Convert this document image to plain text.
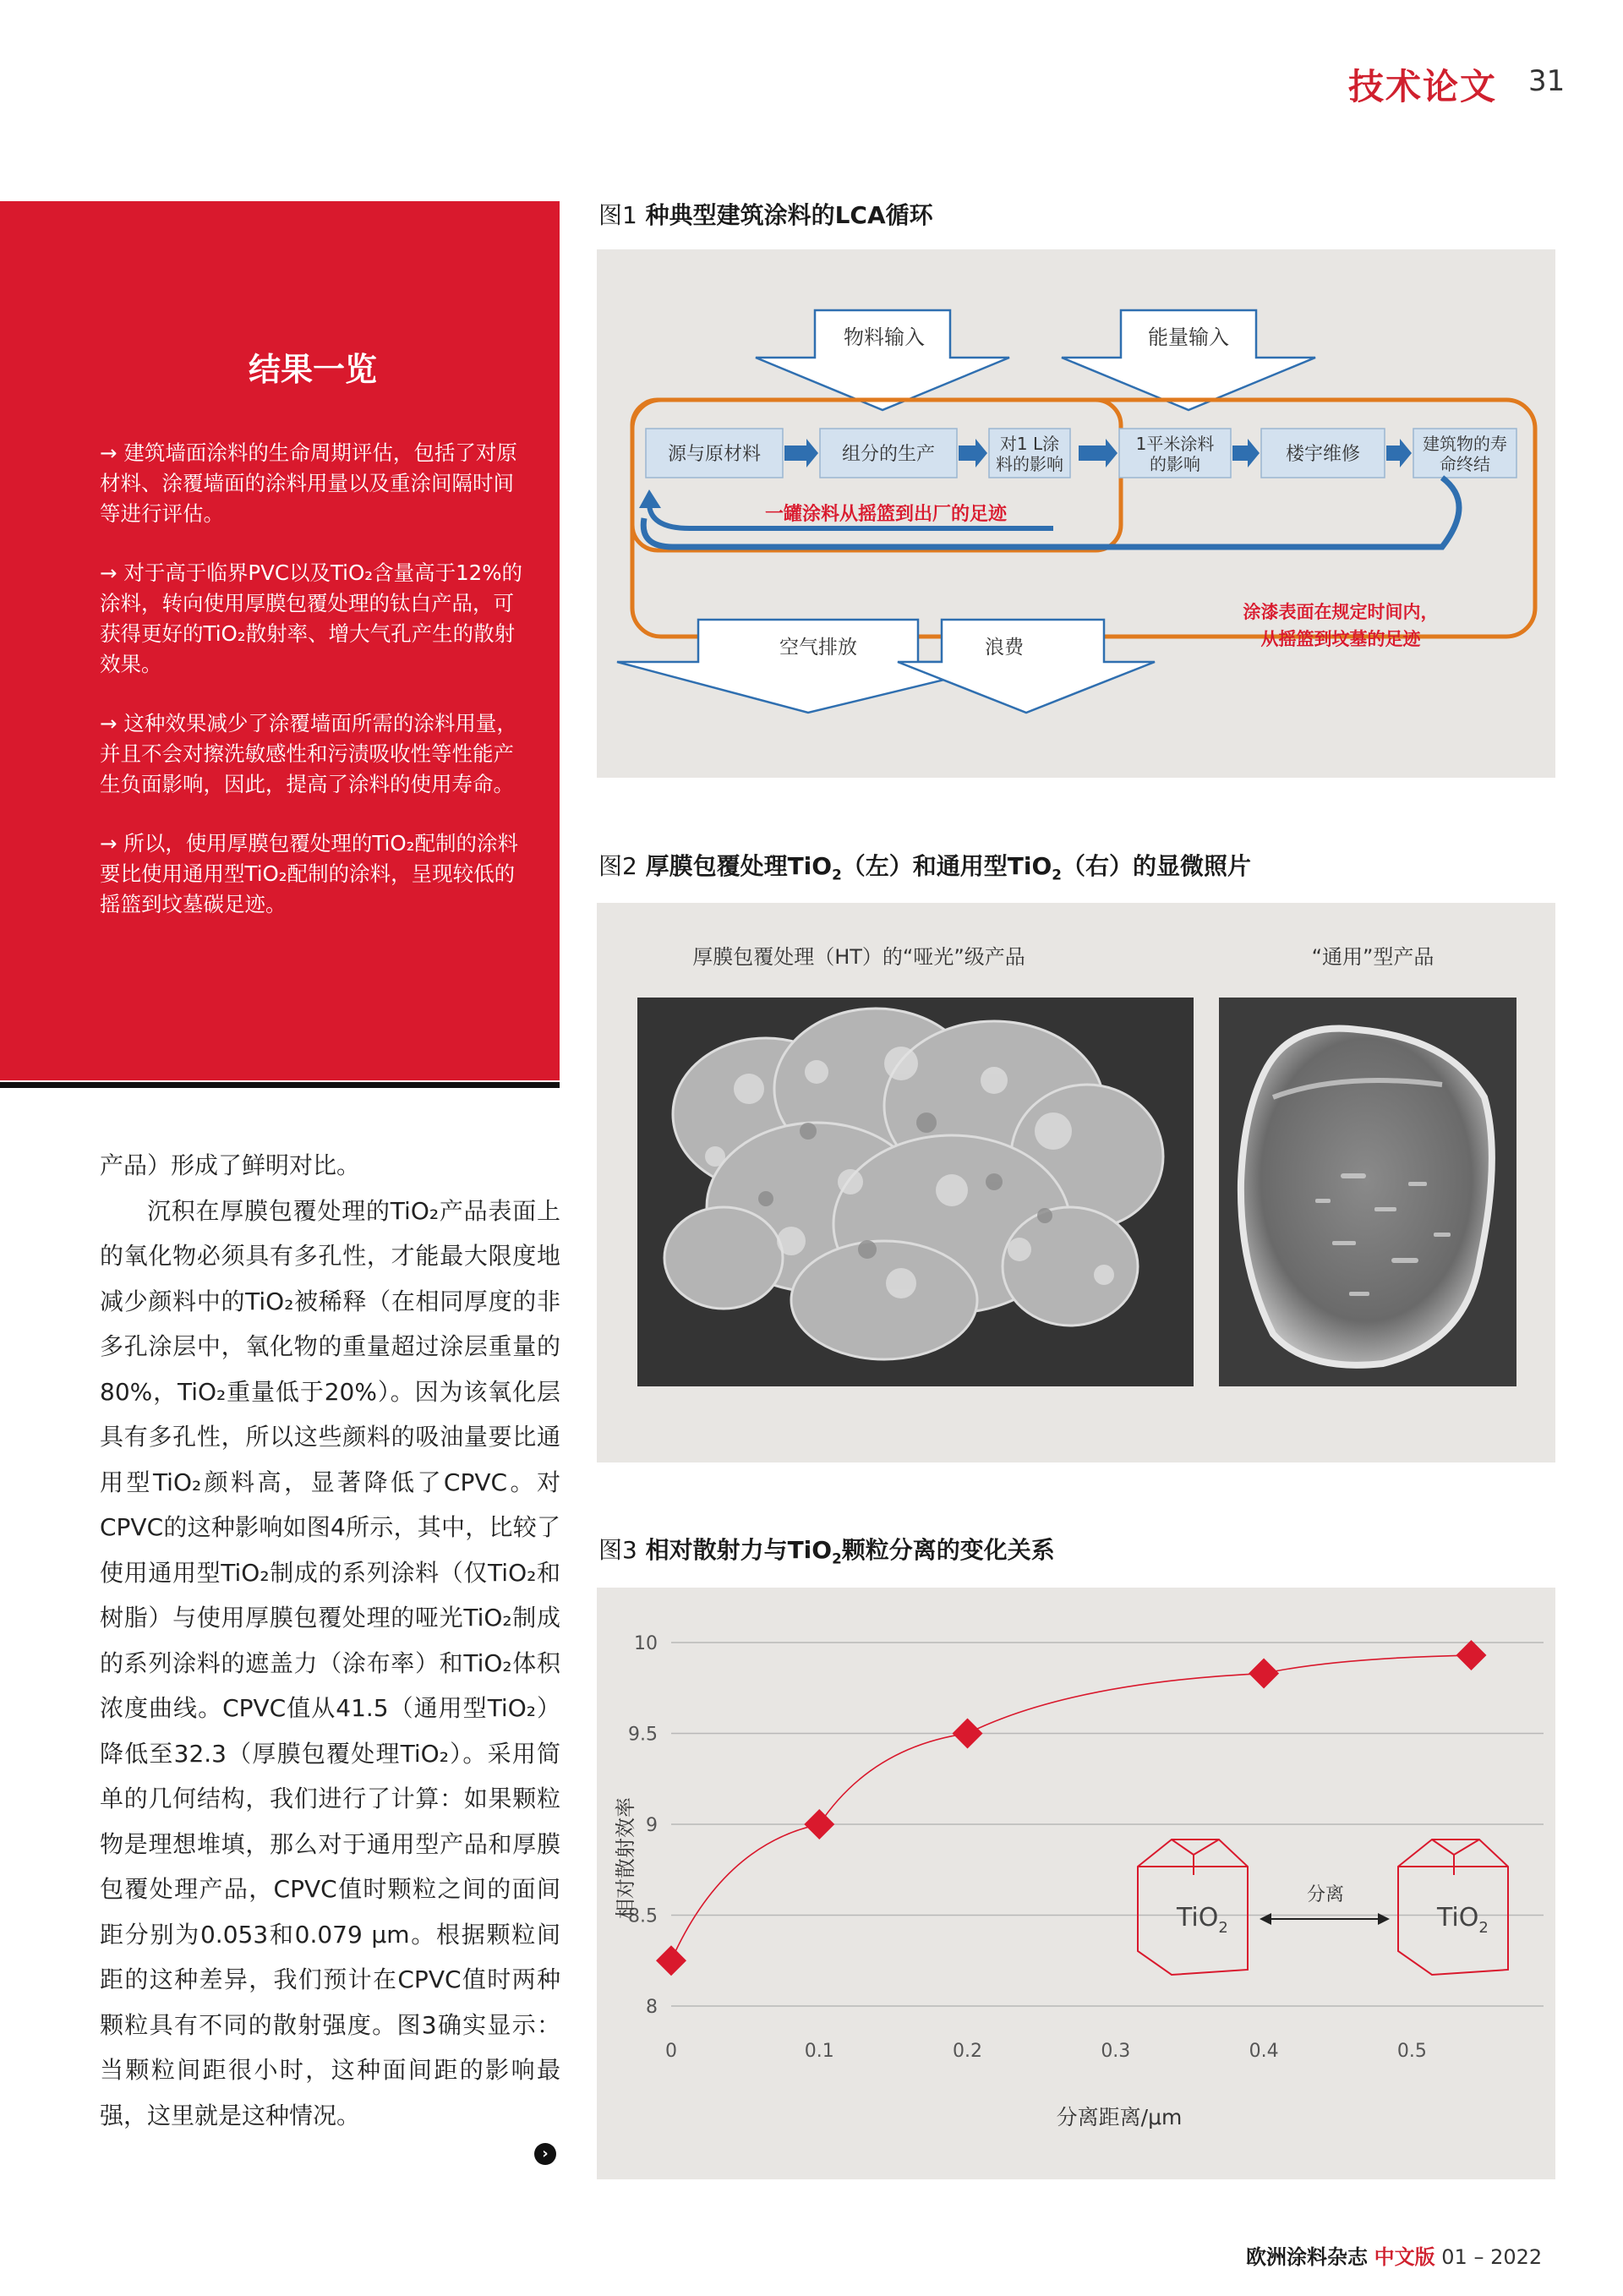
技术论文 31
结果一览

→ 建筑墙面涂料的生命周期评估，包括了对原材料、涂覆墙面的涂料用量以及重涂间隔时间等进行评估。

→ 对于高于临界PVC以及TiO₂含量高于12%的涂料，转向使用厚膜包覆处理的钛白产品，可获得更好的TiO₂散射率、增大气孔产生的散射效果。

→ 这种效果减少了涂覆墙面所需的涂料用量，并且不会对擦洗敏感性和污渍吸收性等性能产生负面影响，因此，提高了涂料的使用寿命。

→ 所以，使用厚膜包覆处理的TiO₂配制的涂料要比使用通用型TiO₂配制的涂料，呈现较低的摇篮到坟墓碳足迹。

产品）形成了鲜明对比。

沉积在厚膜包覆处理的TiO₂产品表面上的氧化物必须具有多孔性，才能最大限度地减少颜料中的TiO₂被稀释（在相同厚度的非多孔涂层中，氧化物的重量超过涂层重量的80%，TiO₂重量低于20%）。因为该氧化层具有多孔性，所以这些颜料的吸油量要比通用型TiO₂颜料高，显著降低了CPVC。对CPVC的这种影响如图4所示，其中，比较了使用通用型TiO₂制成的系列涂料（仅TiO₂和树脂）与使用厚膜包覆处理的哑光TiO₂制成的系列涂料的遮盖力（涂布率）和TiO₂体积浓度曲线。CPVC值从41.5（通用型TiO₂）降低至32.3（厚膜包覆处理TiO₂）。采用简单的几何结构，我们进行了计算：如果颗粒物是理想堆填，那么对于通用型产品和厚膜包覆处理产品，CPVC值时颗粒之间的面间距分别为0.053和0.079 μm。根据颗粒间距的这种差异，我们预计在CPVC值时两种颗粒具有不同的散射强度。图3确实显示：当颗粒间距很小时，这种面间距的影响最强，这里就是这种情况。

›
图1 种典型建筑涂料的LCA循环
物料输入	能量输入
源与原材料	组分的生产	对1 L涂
料的影响
1平米涂料
的影响	楼宇维修	建筑物的寿
命终结
一罐涂料从摇篮到出厂的足迹
涂漆表面在规定时间内，
从摇篮到坟墓的足迹
空气排放	浪费
图2 厚膜包覆处理TiO$_2$（左）和通用型TiO$_2$（右）的显微照片
厚膜包覆处理（HT）的“哑光”级产品	“通用”型产品
图3 相对散射力与TiO$_2$颗粒分离的变化关系
8
8.5
9
9.5
10
0	0.1	0.2	0.3	0.4	0.5
相对散射效率
分离距离/μm
TiO$_2$	TiO$_2$
分离
欧洲涂料杂志 中文版 01 – 2022
